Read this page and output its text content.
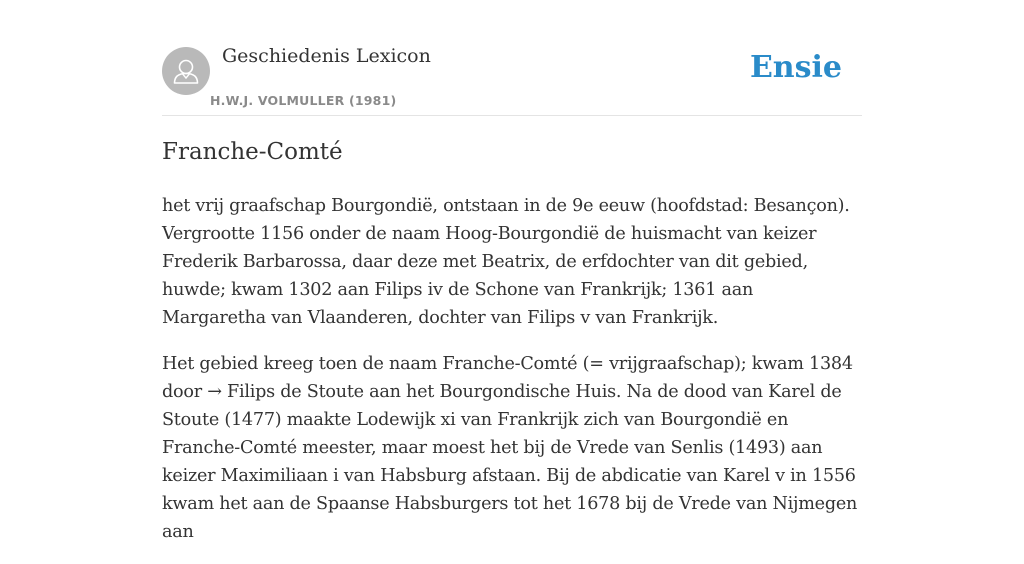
Geschiedenis Lexicon
H.W.J. VOLMULLER (1981)
Ensie
Franche-Comté

het vrij graafschap Bourgondië, ontstaan in de 9e eeuw (hoofdstad: Besançon). Vergrootte 1156 onder de naam Hoog-Bourgondië de huismacht van keizer Frederik Barbarossa, daar deze met Beatrix, de erfdochter van dit gebied, huwde; kwam 1302 aan Filips iv de Schone van Frankrijk; 1361 aan Margaretha van Vlaanderen, dochter van Filips v van Frankrijk.

Het gebied kreeg toen de naam Franche-Comté (= vrijgraafschap); kwam 1384 door → Filips de Stoute aan het Bourgondische Huis. Na de dood van Karel de Stoute (1477) maakte Lodewijk xi van Frankrijk zich van Bourgondië en Franche-Comté meester, maar moest het bij de Vrede van Senlis (1493) aan keizer Maximiliaan i van Habsburg afstaan. Bij de abdicatie van Karel v in 1556 kwam het aan de Spaanse Habsburgers tot het 1678 bij de Vrede van Nijmegen aan
